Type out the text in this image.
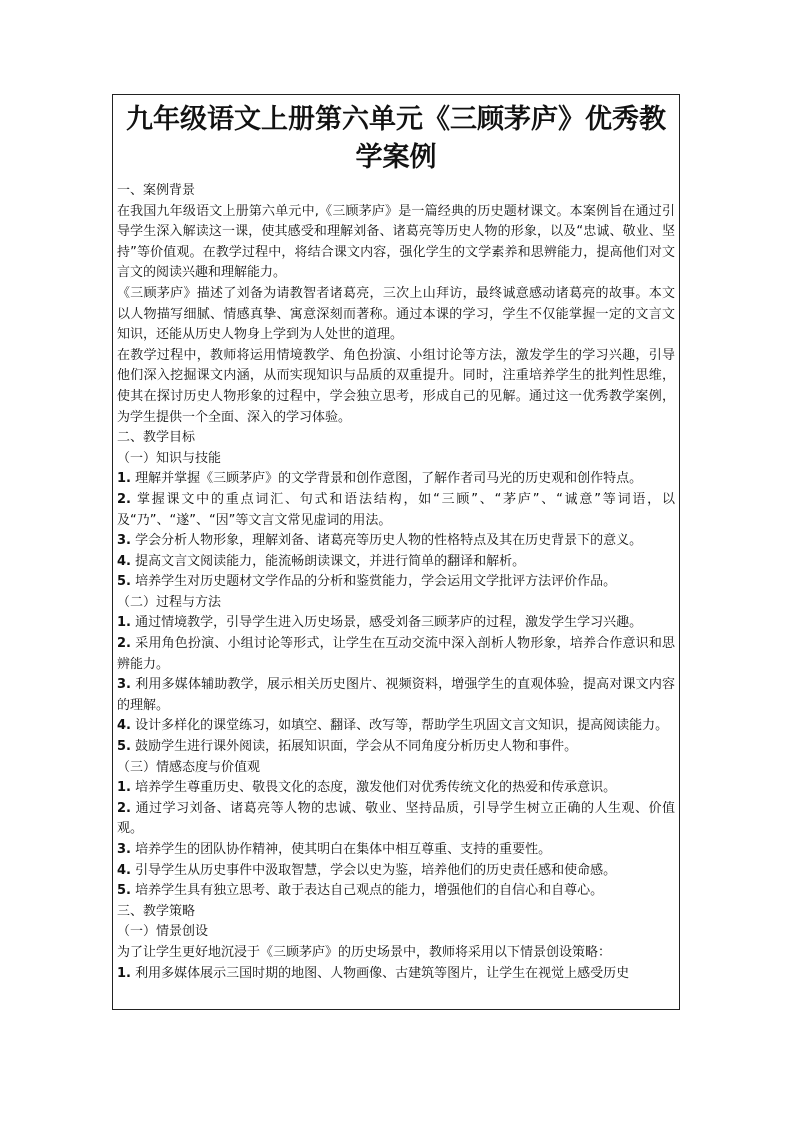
九年级语文上册第六单元《三顾茅庐》优秀教学案例

一、案例背景

在我国九年级语文上册第六单元中,《三顾茅庐》是一篇经典的历史题材课文。本案例旨在通过引导学生深入解读这一课，使其感受和理解刘备、诸葛亮等历史人物的形象，以及“忠诚、敬业、坚持”等价值观。在教学过程中，将结合课文内容，强化学生的文学素养和思辨能力，提高他们对文言文的阅读兴趣和理解能力。

《三顾茅庐》描述了刘备为请教智者诸葛亮，三次上山拜访，最终诚意感动诸葛亮的故事。本文以人物描写细腻、情感真挚、寓意深刻而著称。通过本课的学习，学生不仅能掌握一定的文言文知识，还能从历史人物身上学到为人处世的道理。

在教学过程中，教师将运用情境教学、角色扮演、小组讨论等方法，激发学生的学习兴趣，引导他们深入挖掘课文内涵，从而实现知识与品质的双重提升。同时，注重培养学生的批判性思维，使其在探讨历史人物形象的过程中，学会独立思考，形成自己的见解。通过这一优秀教学案例，为学生提供一个全面、深入的学习体验。

二、教学目标

（一）知识与技能

1. 理解并掌握《三顾茅庐》的文学背景和创作意图，了解作者司马光的历史观和创作特点。

2. 掌握课文中的重点词汇、句式和语法结构，如“三顾”、“茅庐”、“诚意”等词语，以及“乃”、“遂”、“因”等文言文常见虚词的用法。

3. 学会分析人物形象，理解刘备、诸葛亮等历史人物的性格特点及其在历史背景下的意义。

4. 提高文言文阅读能力，能流畅朗读课文，并进行简单的翻译和解析。

5. 培养学生对历史题材文学作品的分析和鉴赏能力，学会运用文学批评方法评价作品。

（二）过程与方法

1. 通过情境教学，引导学生进入历史场景，感受刘备三顾茅庐的过程，激发学生学习兴趣。

2. 采用角色扮演、小组讨论等形式，让学生在互动交流中深入剖析人物形象，培养合作意识和思辨能力。

3. 利用多媒体辅助教学，展示相关历史图片、视频资料，增强学生的直观体验，提高对课文内容的理解。

4. 设计多样化的课堂练习，如填空、翻译、改写等，帮助学生巩固文言文知识，提高阅读能力。

5. 鼓励学生进行课外阅读，拓展知识面，学会从不同角度分析历史人物和事件。

（三）情感态度与价值观

1. 培养学生尊重历史、敬畏文化的态度，激发他们对优秀传统文化的热爱和传承意识。

2. 通过学习刘备、诸葛亮等人物的忠诚、敬业、坚持品质，引导学生树立正确的人生观、价值观。

3. 培养学生的团队协作精神，使其明白在集体中相互尊重、支持的重要性。

4. 引导学生从历史事件中汲取智慧，学会以史为鉴，培养他们的历史责任感和使命感。

5. 培养学生具有独立思考、敢于表达自己观点的能力，增强他们的自信心和自尊心。

三、教学策略

（一）情景创设

为了让学生更好地沉浸于《三顾茅庐》的历史场景中，教师将采用以下情景创设策略：

1. 利用多媒体展示三国时期的地图、人物画像、古建筑等图片，让学生在视觉上感受历史
